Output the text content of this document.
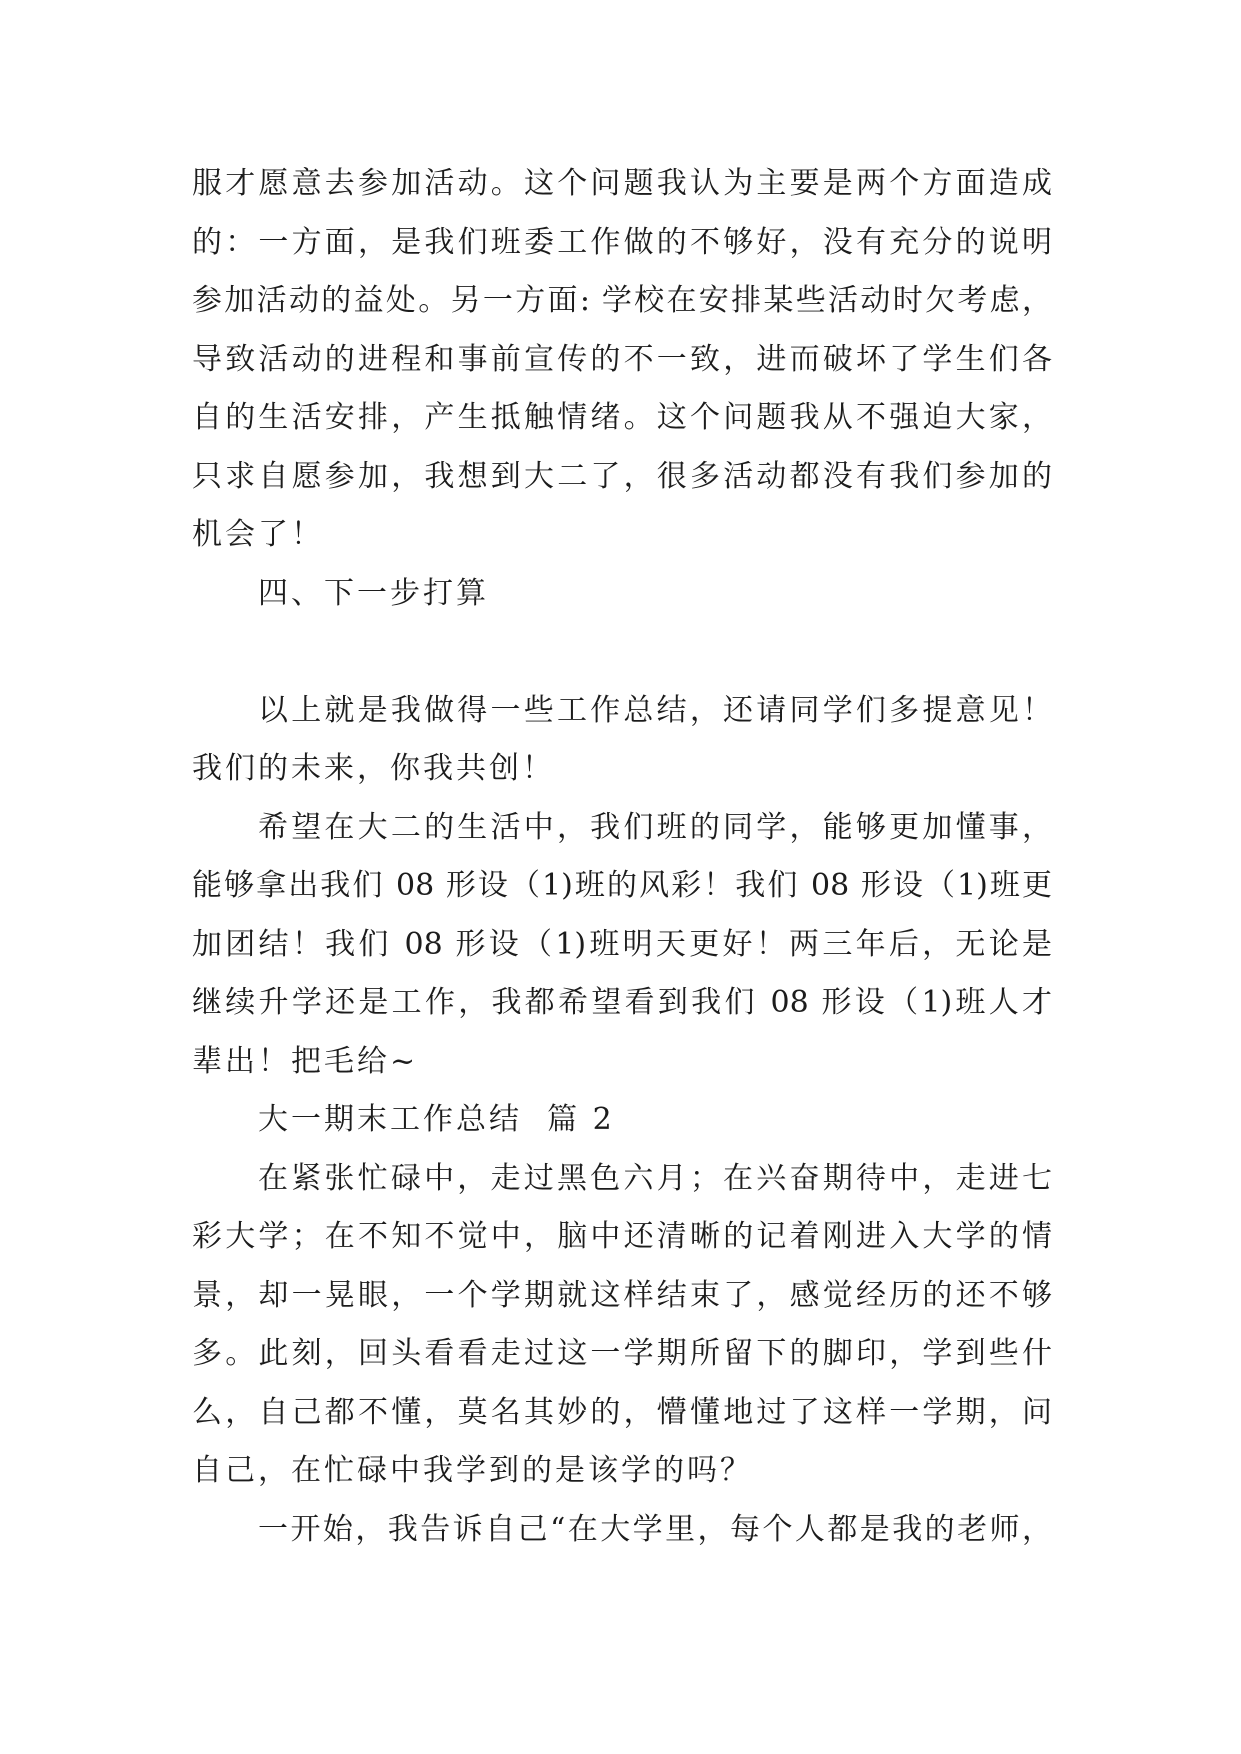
服才愿意去参加活动。这个问题我认为主要是两个方面造成
的：一方面，是我们班委工作做的不够好，没有充分的说明
参加活动的益处。另一方面: 学校在安排某些活动时欠考虑，
导致活动的进程和事前宣传的不一致，进而破坏了学生们各
自的生活安排，产生抵触情绪。这个问题我从不强迫大家，
只求自愿参加，我想到大二了，很多活动都没有我们参加的
机会了！
四、下一步打算
以上就是我做得一些工作总结，还请同学们多提意见！
我们的未来，你我共创！
希望在大二的生活中，我们班的同学，能够更加懂事，
能够拿出我们 08 形设（1)班的风彩！我们 08 形设（1)班更
加团结！我们 08 形设（1)班明天更好！两三年后，无论是
继续升学还是工作，我都希望看到我们 08 形设（1)班人才
辈出！把毛给~
大一期末工作总结  篇 2
在紧张忙碌中，走过黑色六月；在兴奋期待中，走进七
彩大学；在不知不觉中，脑中还清晰的记着刚进入大学的情
景，却一晃眼，一个学期就这样结束了，感觉经历的还不够
多。此刻，回头看看走过这一学期所留下的脚印，学到些什
么，自己都不懂，莫名其妙的，懵懂地过了这样一学期，问
自己，在忙碌中我学到的是该学的吗？
一开始，我告诉自己“在大学里，每个人都是我的老师，
